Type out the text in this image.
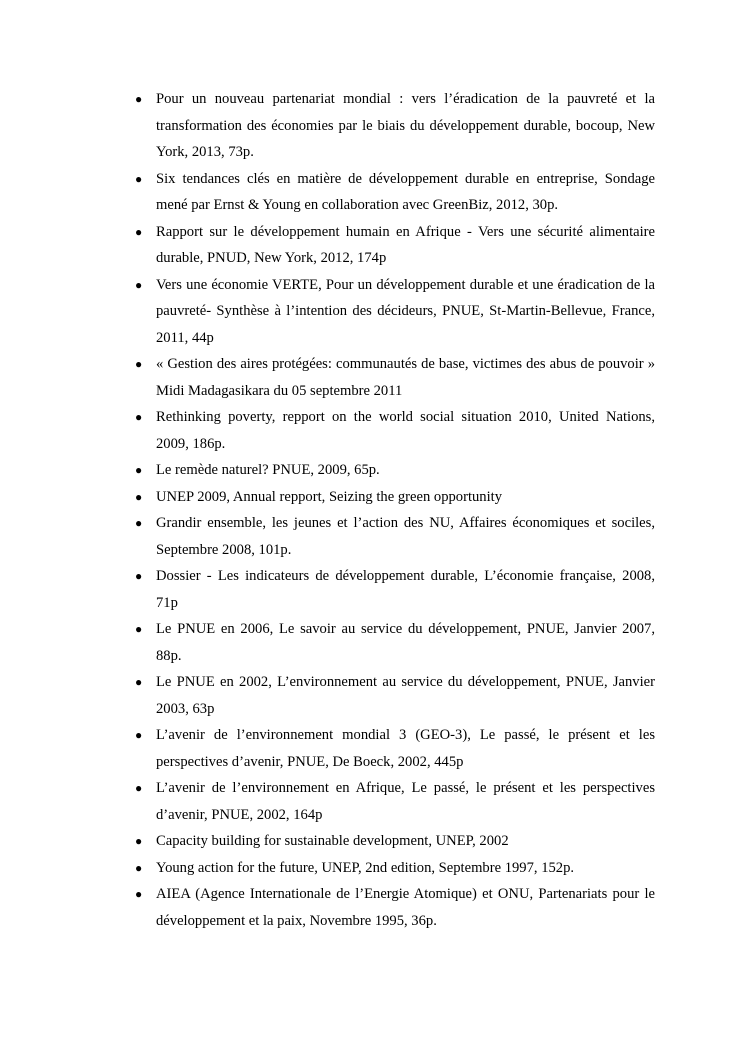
● Pour un nouveau partenariat mondial : vers l’éradication de la pauvreté et la transformation des économies par le biais du développement durable, bocoup, New York, 2013, 73p.
● Six tendances clés en matière de développement durable en entreprise, Sondage mené par Ernst & Young en collaboration avec GreenBiz, 2012, 30p.
● Rapport sur le développement humain en Afrique - Vers une sécurité alimentaire durable, PNUD, New York, 2012, 174p
● Vers une économie VERTE, Pour un développement durable et une éradication de la pauvreté- Synthèse à l’intention des décideurs, PNUE, St-Martin-Bellevue, France, 2011, 44p
● « Gestion des aires protégées: communautés de base, victimes des abus de pouvoir » Midi Madagasikara du 05 septembre 2011
● Rethinking poverty, repport on the world social situation 2010, United Nations, 2009, 186p.
● Le remède naturel? PNUE, 2009, 65p.
● UNEP 2009, Annual repport, Seizing the green opportunity
● Grandir ensemble, les jeunes et l’action des NU, Affaires économiques et sociles, Septembre 2008, 101p.
● Dossier - Les indicateurs de développement durable, L’économie française, 2008, 71p
● Le PNUE en 2006, Le savoir au service du développement, PNUE, Janvier 2007, 88p.
● Le PNUE en 2002, L’environnement au service du développement, PNUE, Janvier 2003, 63p
● L’avenir de l’environnement mondial 3 (GEO-3), Le passé, le présent et les perspectives d’avenir, PNUE, De Boeck, 2002, 445p
● L’avenir de l’environnement en Afrique, Le passé, le présent et les perspectives d’avenir, PNUE, 2002, 164p
● Capacity building for sustainable development, UNEP, 2002
● Young action for the future, UNEP, 2nd edition, Septembre 1997, 152p.
● AIEA (Agence Internationale de l’Energie Atomique) et ONU, Partenariats pour le développement et la paix, Novembre 1995, 36p.
